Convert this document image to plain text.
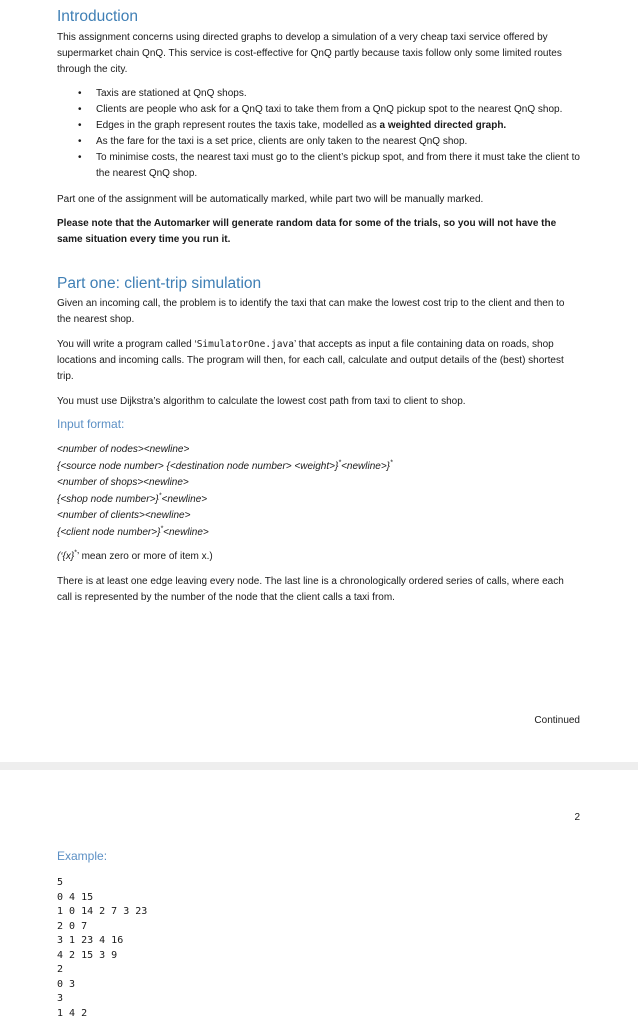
Introduction

This assignment concerns using directed graphs to develop a simulation of a very cheap taxi service offered by supermarket chain QnQ. This service is cost-effective for QnQ partly because taxis follow only some limited routes through the city.

• Taxis are stationed at QnQ shops.
• Clients are people who ask for a QnQ taxi to take them from a QnQ pickup spot to the nearest QnQ shop.
• Edges in the graph represent routes the taxis take, modelled as a weighted directed graph.
• As the fare for the taxi is a set price, clients are only taken to the nearest QnQ shop.
• To minimise costs, the nearest taxi must go to the client’s pickup spot, and from there it must take the client to the nearest QnQ shop.

Part one of the assignment will be automatically marked, while part two will be manually marked.

Please note that the Automarker will generate random data for some of the trials, so you will not have the same situation every time you run it.

Part one: client-trip simulation

Given an incoming call, the problem is to identify the taxi that can make the lowest cost trip to the client and then to the nearest shop.

You will write a program called ‘SimulatorOne.java’ that accepts as input a file containing data on roads, shop locations and incoming calls. The program will then, for each call, calculate and output details of the (best) shortest trip.

You must use Dijkstra’s algorithm to calculate the lowest cost path from taxi to client to shop.

Input format:
<number of nodes><newline>
{<source node number> {<destination node number> <weight>}*<newline>}*
<number of shops><newline>
{<shop node number>}*<newline>
<number of clients><newline>
{<client node number>}*<newline>

(‘{x}*’ mean zero or more of item x.)

There is at least one edge leaving every node. The last line is a chronologically ordered series of calls, where each call is represented by the number of the node that the client calls a taxi from.

Continued
2
Example:
5
0 4 15
1 0 14 2 7 3 23
2 0 7
3 1 23 4 16
4 2 15 3 9
2
0 3
3
1 4 2
